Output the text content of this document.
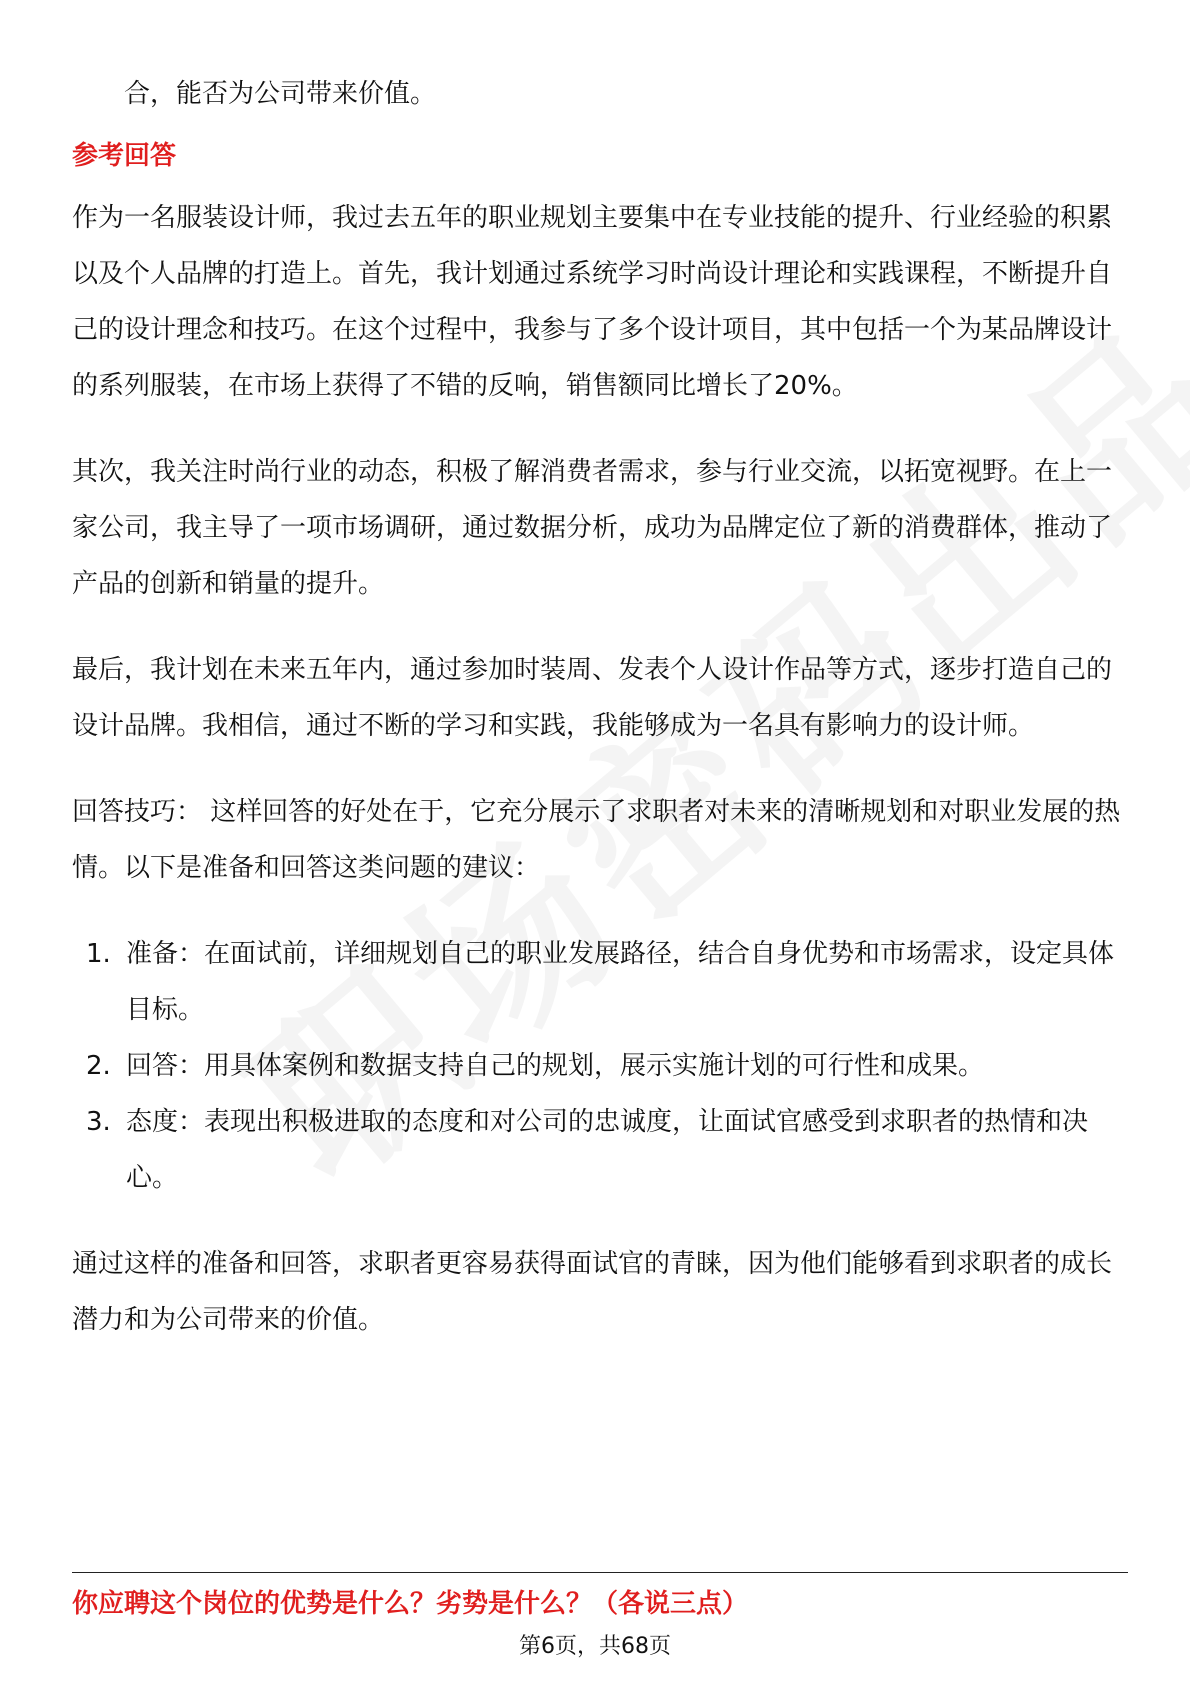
合，能否为公司带来价值。

参考回答

作为一名服装设计师，我过去五年的职业规划主要集中在专业技能的提升、行业经验的积累以及个人品牌的打造上。首先，我计划通过系统学习时尚设计理论和实践课程，不断提升自己的设计理念和技巧。在这个过程中，我参与了多个设计项目，其中包括一个为某品牌设计的系列服装，在市场上获得了不错的反响，销售额同比增长了20%。

其次，我关注时尚行业的动态，积极了解消费者需求，参与行业交流，以拓宽视野。在上一家公司，我主导了一项市场调研，通过数据分析，成功为品牌定位了新的消费群体，推动了产品的创新和销量的提升。

最后，我计划在未来五年内，通过参加时装周、发表个人设计作品等方式，逐步打造自己的设计品牌。我相信，通过不断的学习和实践，我能够成为一名具有影响力的设计师。

回答技巧： 这样回答的好处在于，它充分展示了求职者对未来的清晰规划和对职业发展的热情。以下是准备和回答这类问题的建议：

1. 准备：在面试前，详细规划自己的职业发展路径，结合自身优势和市场需求，设定具体目标。
2. 回答：用具体案例和数据支持自己的规划，展示实施计划的可行性和成果。
3. 态度：表现出积极进取的态度和对公司的忠诚度，让面试官感受到求职者的热情和决心。

通过这样的准备和回答，求职者更容易获得面试官的青睐，因为他们能够看到求职者的成长潜力和为公司带来的价值。

你应聘这个岗位的优势是什么？劣势是什么？（各说三点）
第6页，共68页
